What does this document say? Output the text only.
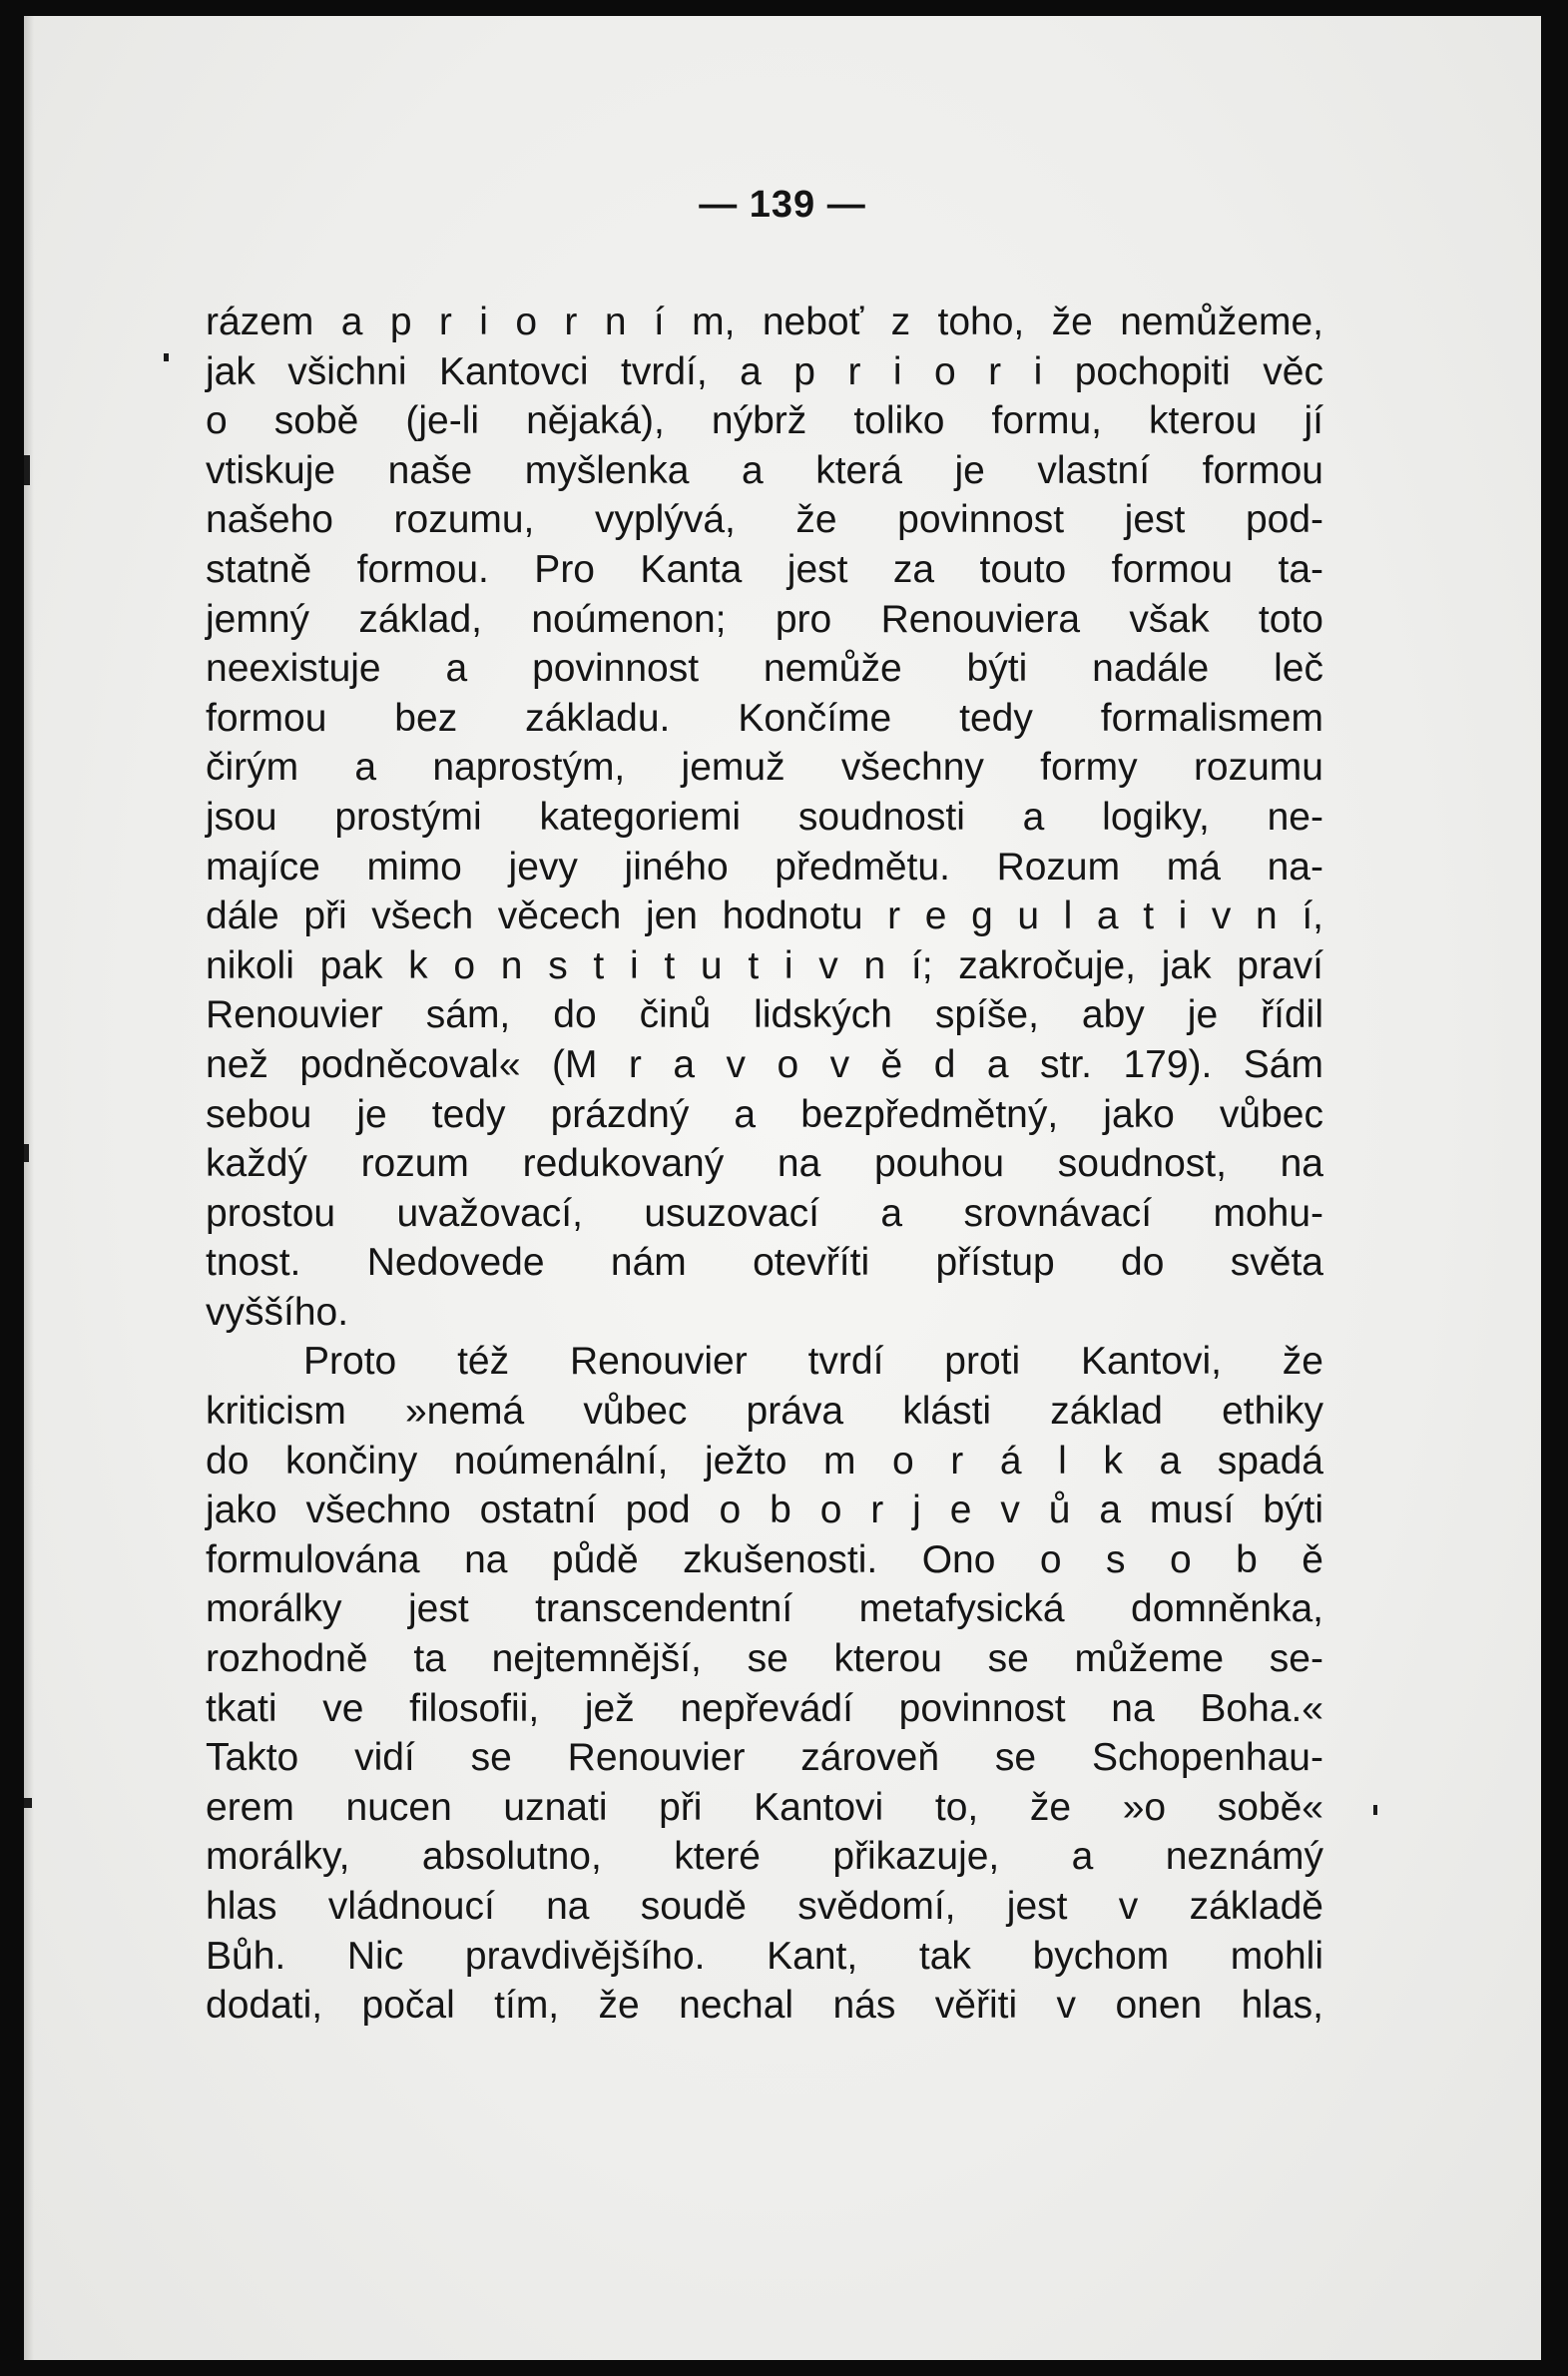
— 139 —
rázem a p r i o r n í m, neboť z toho, že nemůžeme,
jak všichni Kantovci tvrdí, a p r i o r i pochopiti věc
o sobě (je-li nějaká), nýbrž toliko formu, kterou jí
vtiskuje naše myšlenka a která je vlastní formou
našeho rozumu, vyplývá, že povinnost jest pod-
statně formou. Pro Kanta jest za touto formou ta-
jemný základ, noúmenon; pro Renouviera však toto
neexistuje a povinnost nemůže býti nadále leč
formou bez základu. Končíme tedy formalismem
čirým a naprostým, jemuž všechny formy rozumu
jsou prostými kategoriemi soudnosti a logiky, ne-
majíce mimo jevy jiného předmětu. Rozum má na-
dále při všech věcech jen hodnotu r e g u l a t i v n í,
nikoli pak k o n s t i t u t i v n í; zakročuje, jak praví
Renouvier sám, do činů lidských spíše, aby je řídil
než podněcoval« (M r a v o v ě d a str. 179). Sám
sebou je tedy prázdný a bezpředmětný, jako vůbec
každý rozum redukovaný na pouhou soudnost, na
prostou uvažovací, usuzovací a srovnávací mohu-
tnost. Nedovede nám otevříti přístup do světa
vyššího.
Proto též Renouvier tvrdí proti Kantovi, že
kriticism »nemá vůbec práva klásti základ ethiky
do končiny noúmenální, ježto m o r á l k a spadá
jako všechno ostatní pod o b o r j e v ů a musí býti
formulována na půdě zkušenosti. Ono o s o b ě
morálky jest transcendentní metafysická domněnka,
rozhodně ta nejtemnější, se kterou se můžeme se-
tkati ve filosofii, jež nepřevádí povinnost na Boha.«
Takto vidí se Renouvier zároveň se Schopenhau-
erem nucen uznati při Kantovi to, že »o sobě«
morálky, absolutno, které přikazuje, a neznámý
hlas vládnoucí na soudě svědomí, jest v základě
Bůh. Nic pravdivějšího. Kant, tak bychom mohli
dodati, počal tím, že nechal nás věřiti v onen hlas,
